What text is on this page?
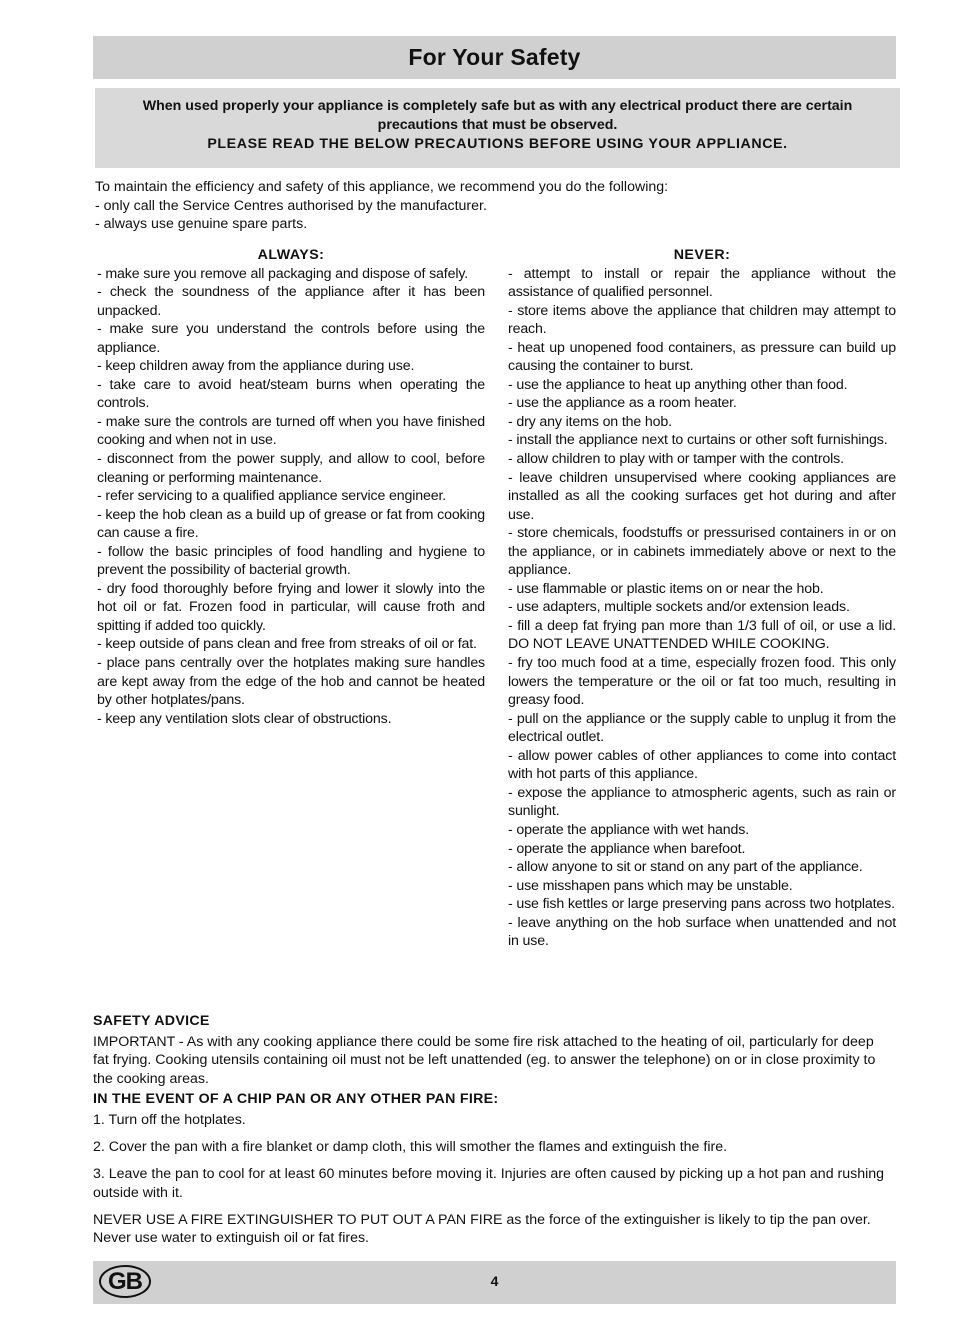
For Your Safety
When used properly your appliance is completely safe but as with any electrical product there are certain precautions that must be observed.
PLEASE READ THE BELOW PRECAUTIONS BEFORE USING YOUR APPLIANCE.
To maintain the efficiency and safety of this appliance, we recommend you do the following:
- only call the Service Centres authorised by the manufacturer.
- always use genuine spare parts.
ALWAYS:

- make sure you remove all packaging and dispose of safely.

- check the soundness of the appliance after it has been unpacked.

- make sure you understand the controls before using the appliance.

- keep children away from the appliance during use.

- take care to avoid heat/steam burns when operating the controls.

- make sure the controls are turned off when you have finished cooking and when not in use.

- disconnect from the power supply, and allow to cool, before cleaning or performing maintenance.

- refer servicing to a qualified appliance service engineer.

- keep the hob clean as a build up of grease or fat from cooking can cause a fire.

- follow the basic principles of food handling and hygiene to prevent the possibility of bacterial growth.

- dry food thoroughly before frying and lower it slowly into the hot oil or fat. Frozen food in particular, will cause froth and spitting if added too quickly.

- keep outside of pans clean and free from streaks of oil or fat.

- place pans centrally over the hotplates making sure handles are kept away from the edge of the hob and cannot be heated by other hotplates/pans.

- keep any ventilation slots clear of obstructions.

NEVER:

- attempt to install or repair the appliance without the assistance of qualified personnel.

- store items above the appliance that children may attempt to reach.

- heat up unopened food containers, as pressure can build up causing the container to burst.

- use the appliance to heat up anything other than food.

- use the appliance as a room heater.

- dry any items on the hob.

- install the appliance next to curtains or other soft furnishings.

- allow children to play with or tamper with the controls.

- leave children unsupervised where cooking appliances are installed as all the cooking surfaces get hot during and after use.

- store chemicals, foodstuffs or pressurised containers in or on the appliance, or in cabinets immediately above or next to the appliance.

- use flammable or plastic items on or near the hob.

- use adapters, multiple sockets and/or extension leads.

- fill a deep fat frying pan more than 1/3 full of oil, or use a lid. DO NOT LEAVE UNATTENDED WHILE COOKING.

- fry too much food at a time, especially frozen food. This only lowers the temperature or the oil or fat too much, resulting in greasy food.

- pull on the appliance or the supply cable to unplug it from the electrical outlet.

- allow power cables of other appliances to come into contact with hot parts of this appliance.

- expose the appliance to atmospheric agents, such as rain or sunlight.

- operate the appliance with wet hands.

- operate the appliance when barefoot.

- allow anyone to sit or stand on any part of the appliance.

- use misshapen pans which may be unstable.

- use fish kettles or large preserving pans across two hotplates.

- leave anything on the hob surface when unattended and not in use.

SAFETY ADVICE

IMPORTANT - As with any cooking appliance there could be some fire risk attached to the heating of oil, particularly for deep fat frying. Cooking utensils containing oil must not be left unattended (eg. to answer the telephone) on or in close proximity to the cooking areas.

IN THE EVENT OF A CHIP PAN OR ANY OTHER PAN FIRE:

1. Turn off the hotplates.

2. Cover the pan with a fire blanket or damp cloth, this will smother the flames and extinguish the fire.

3. Leave the pan to cool for at least 60 minutes before moving it. Injuries are often caused by picking up a hot pan and rushing outside with it.

NEVER USE A FIRE EXTINGUISHER TO PUT OUT A PAN FIRE as the force of the extinguisher is likely to tip the pan over. Never use water to extinguish oil or fat fires.

GB	4
